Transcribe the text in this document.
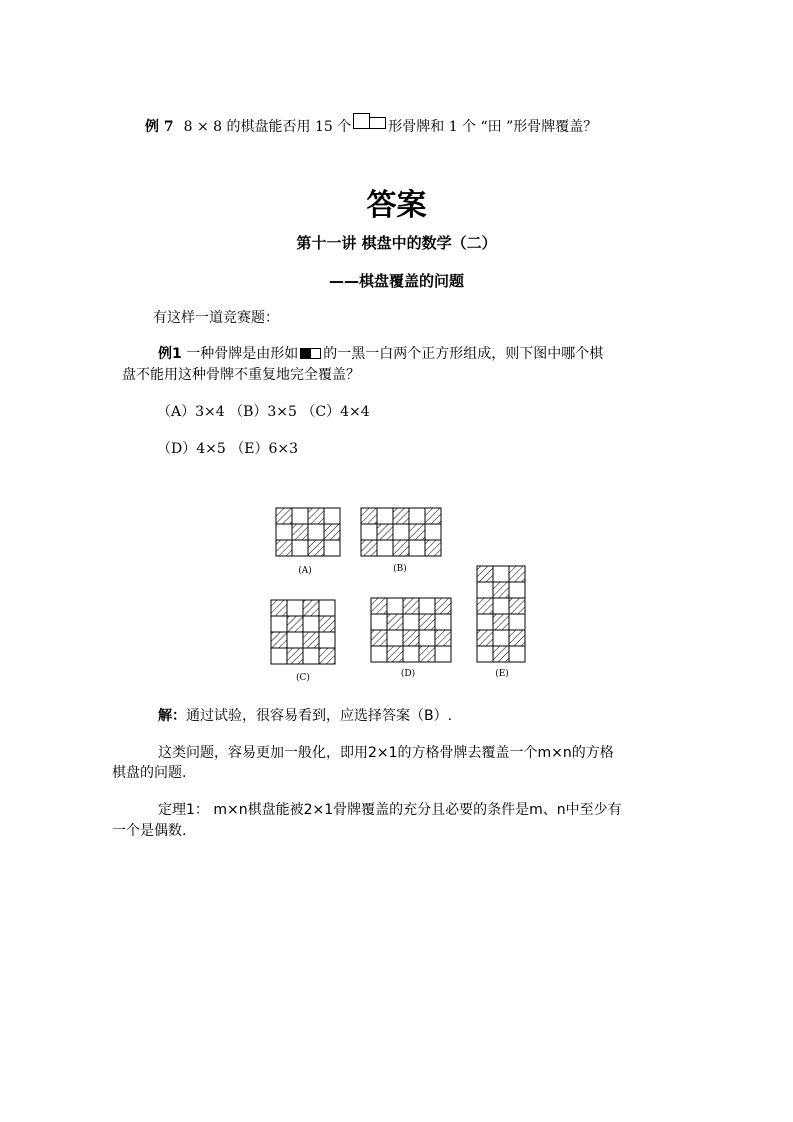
例 7 8 × 8 的棋盘能否用 15 个	形骨牌和 1 个 “田 ”形骨牌覆盖？
答案
第十一讲 棋盘中的数学（二）
——棋盘覆盖的问题
有这样一道竞赛题：
例1 一种骨牌是由形如 的一黑一白两个正方形组成，则下图中哪个棋
盘不能用这种骨牌不重复地完全覆盖？
（A）3×4 （B）3×5 （C）4×4
（D）4×5 （E）6×3
(A)	(B)
(C)	(D)	(E)
解：通过试验，很容易看到，应选择答案（B）.
这类问题，容易更加一般化，即用2×1的方格骨牌去覆盖一个m×n的方格
棋盘的问题.
定理1： m×n棋盘能被2×1骨牌覆盖的充分且必要的条件是m、n中至少有
一个是偶数.
